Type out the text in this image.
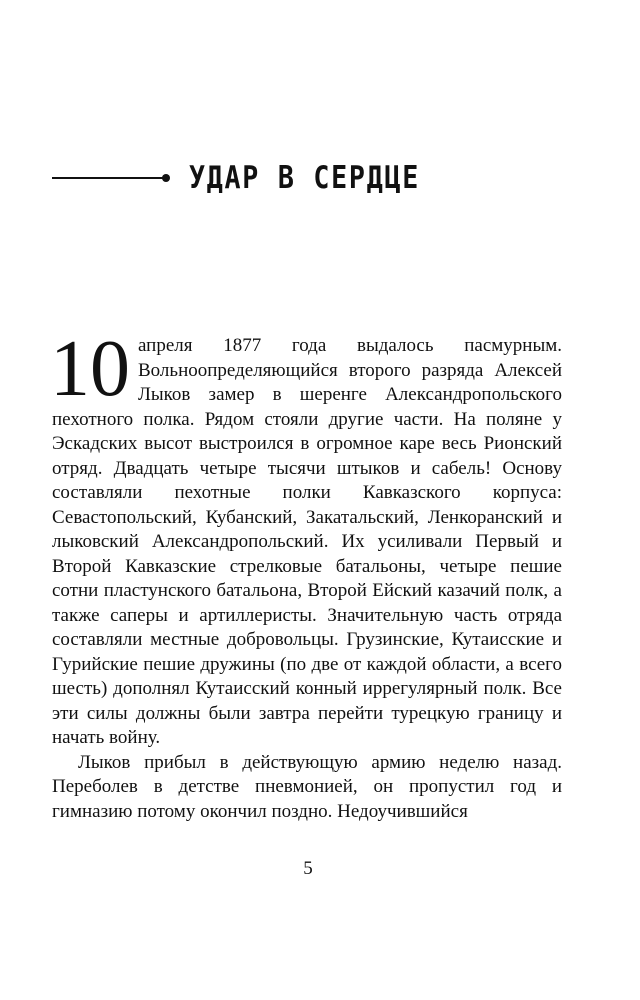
УДАР В СЕРДЦЕ

10 апреля 1877 года выдалось пасмурным. Вольноопределяющийся второго разряда Алексей Лыков замер в шеренге Александропольского пехотного полка. Рядом стояли другие части. На поляне у Эскадских высот выстроился в огромное каре весь Рионский отряд. Двадцать четыре тысячи штыков и сабель! Основу составляли пехотные полки Кавказского корпуса: Севастопольский, Кубанский, Закатальский, Ленкоранский и лыковский Александропольский. Их усиливали Первый и Второй Кавказские стрелковые батальоны, четыре пешие сотни пластунского батальона, Второй Ейский казачий полк, а также саперы и артиллеристы. Значительную часть отряда составляли местные добровольцы. Грузинские, Кутаисские и Гурийские пешие дружины (по две от каждой области, а всего шесть) дополнял Кутаисский конный иррегулярный полк. Все эти силы должны были завтра перейти турецкую границу и начать войну.

Лыков прибыл в действующую армию неделю назад. Переболев в детстве пневмонией, он пропустил год и гимназию потому окончил поздно. Недоучившийся

5
